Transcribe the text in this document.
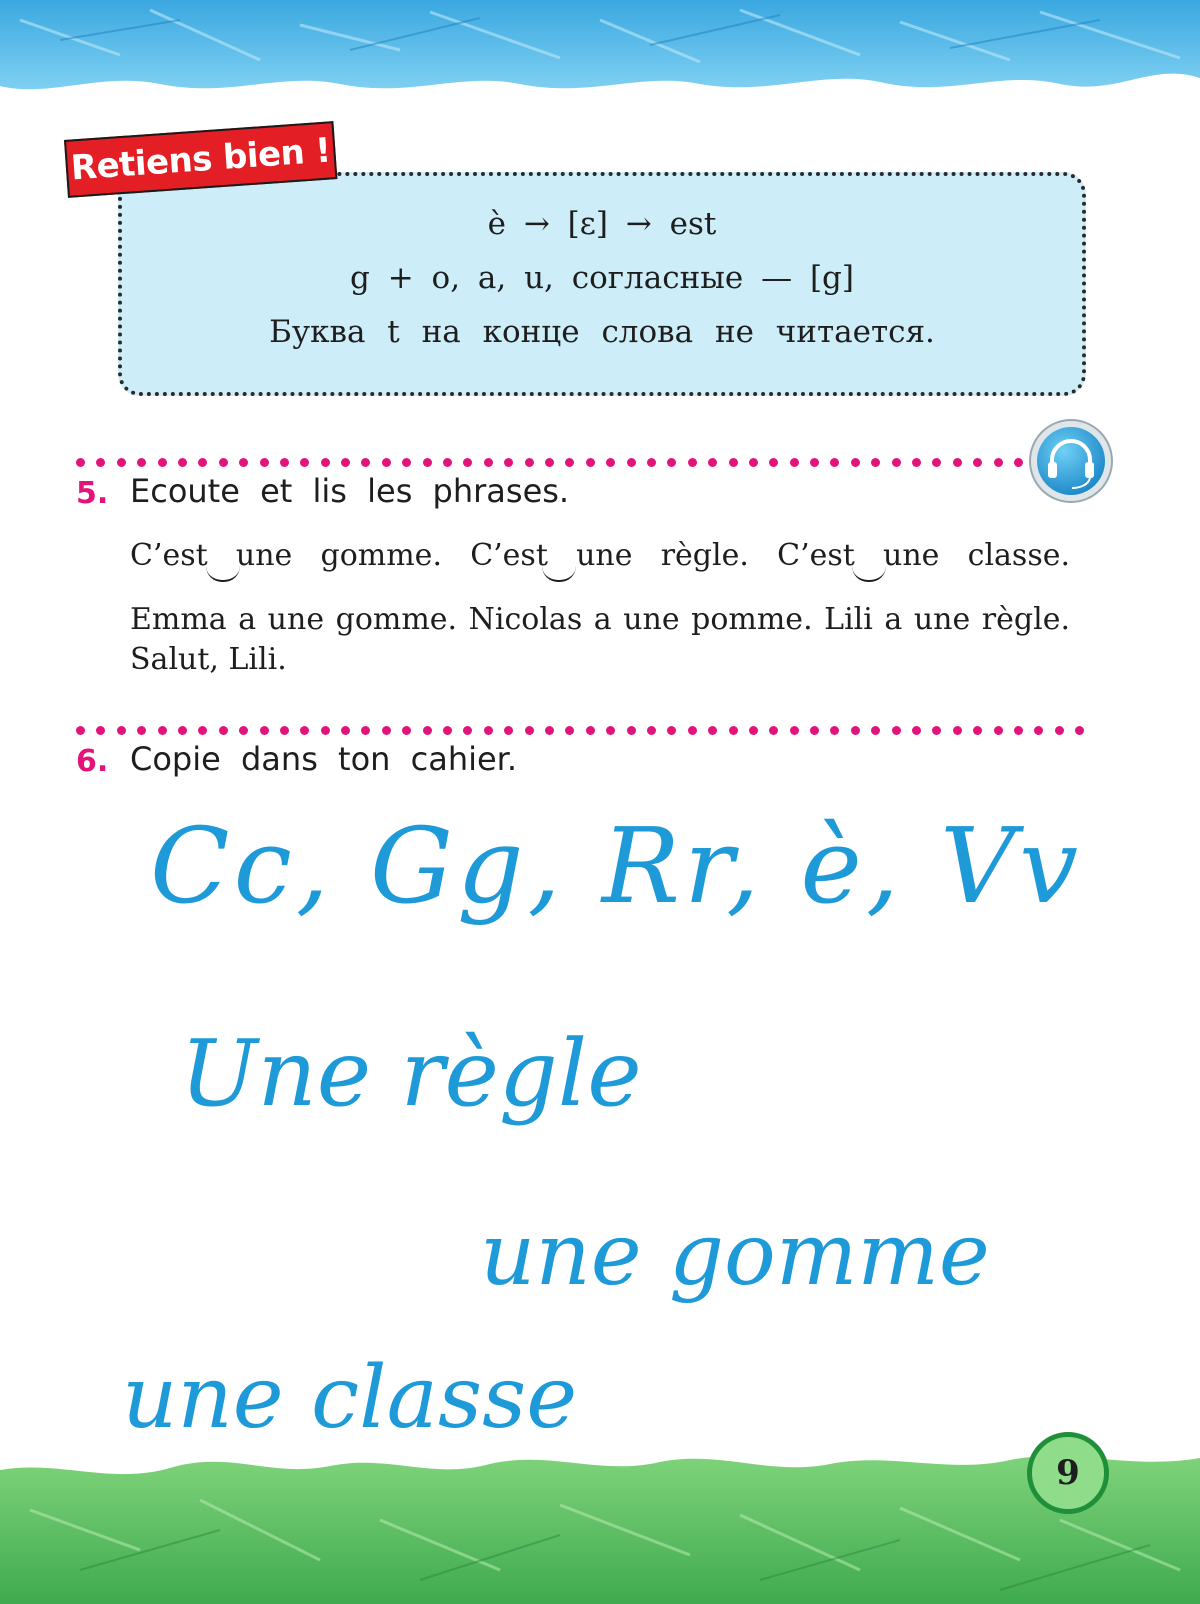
è → [ε] → est
g + o, a, u, согласные — [g]
Буква t на конце слова не читается.
Retiens bien !
5. Ecoute et lis les phrases.
C’est une gomme. C’est une règle. C’est une classe.
Emma a une gomme. Nicolas a une pomme. Lili a une règle. Salut, Lili.
6. Copie dans ton cahier.
Cc, Gg, Rr, è, Vv
Une règle
une gomme
une classe
9
